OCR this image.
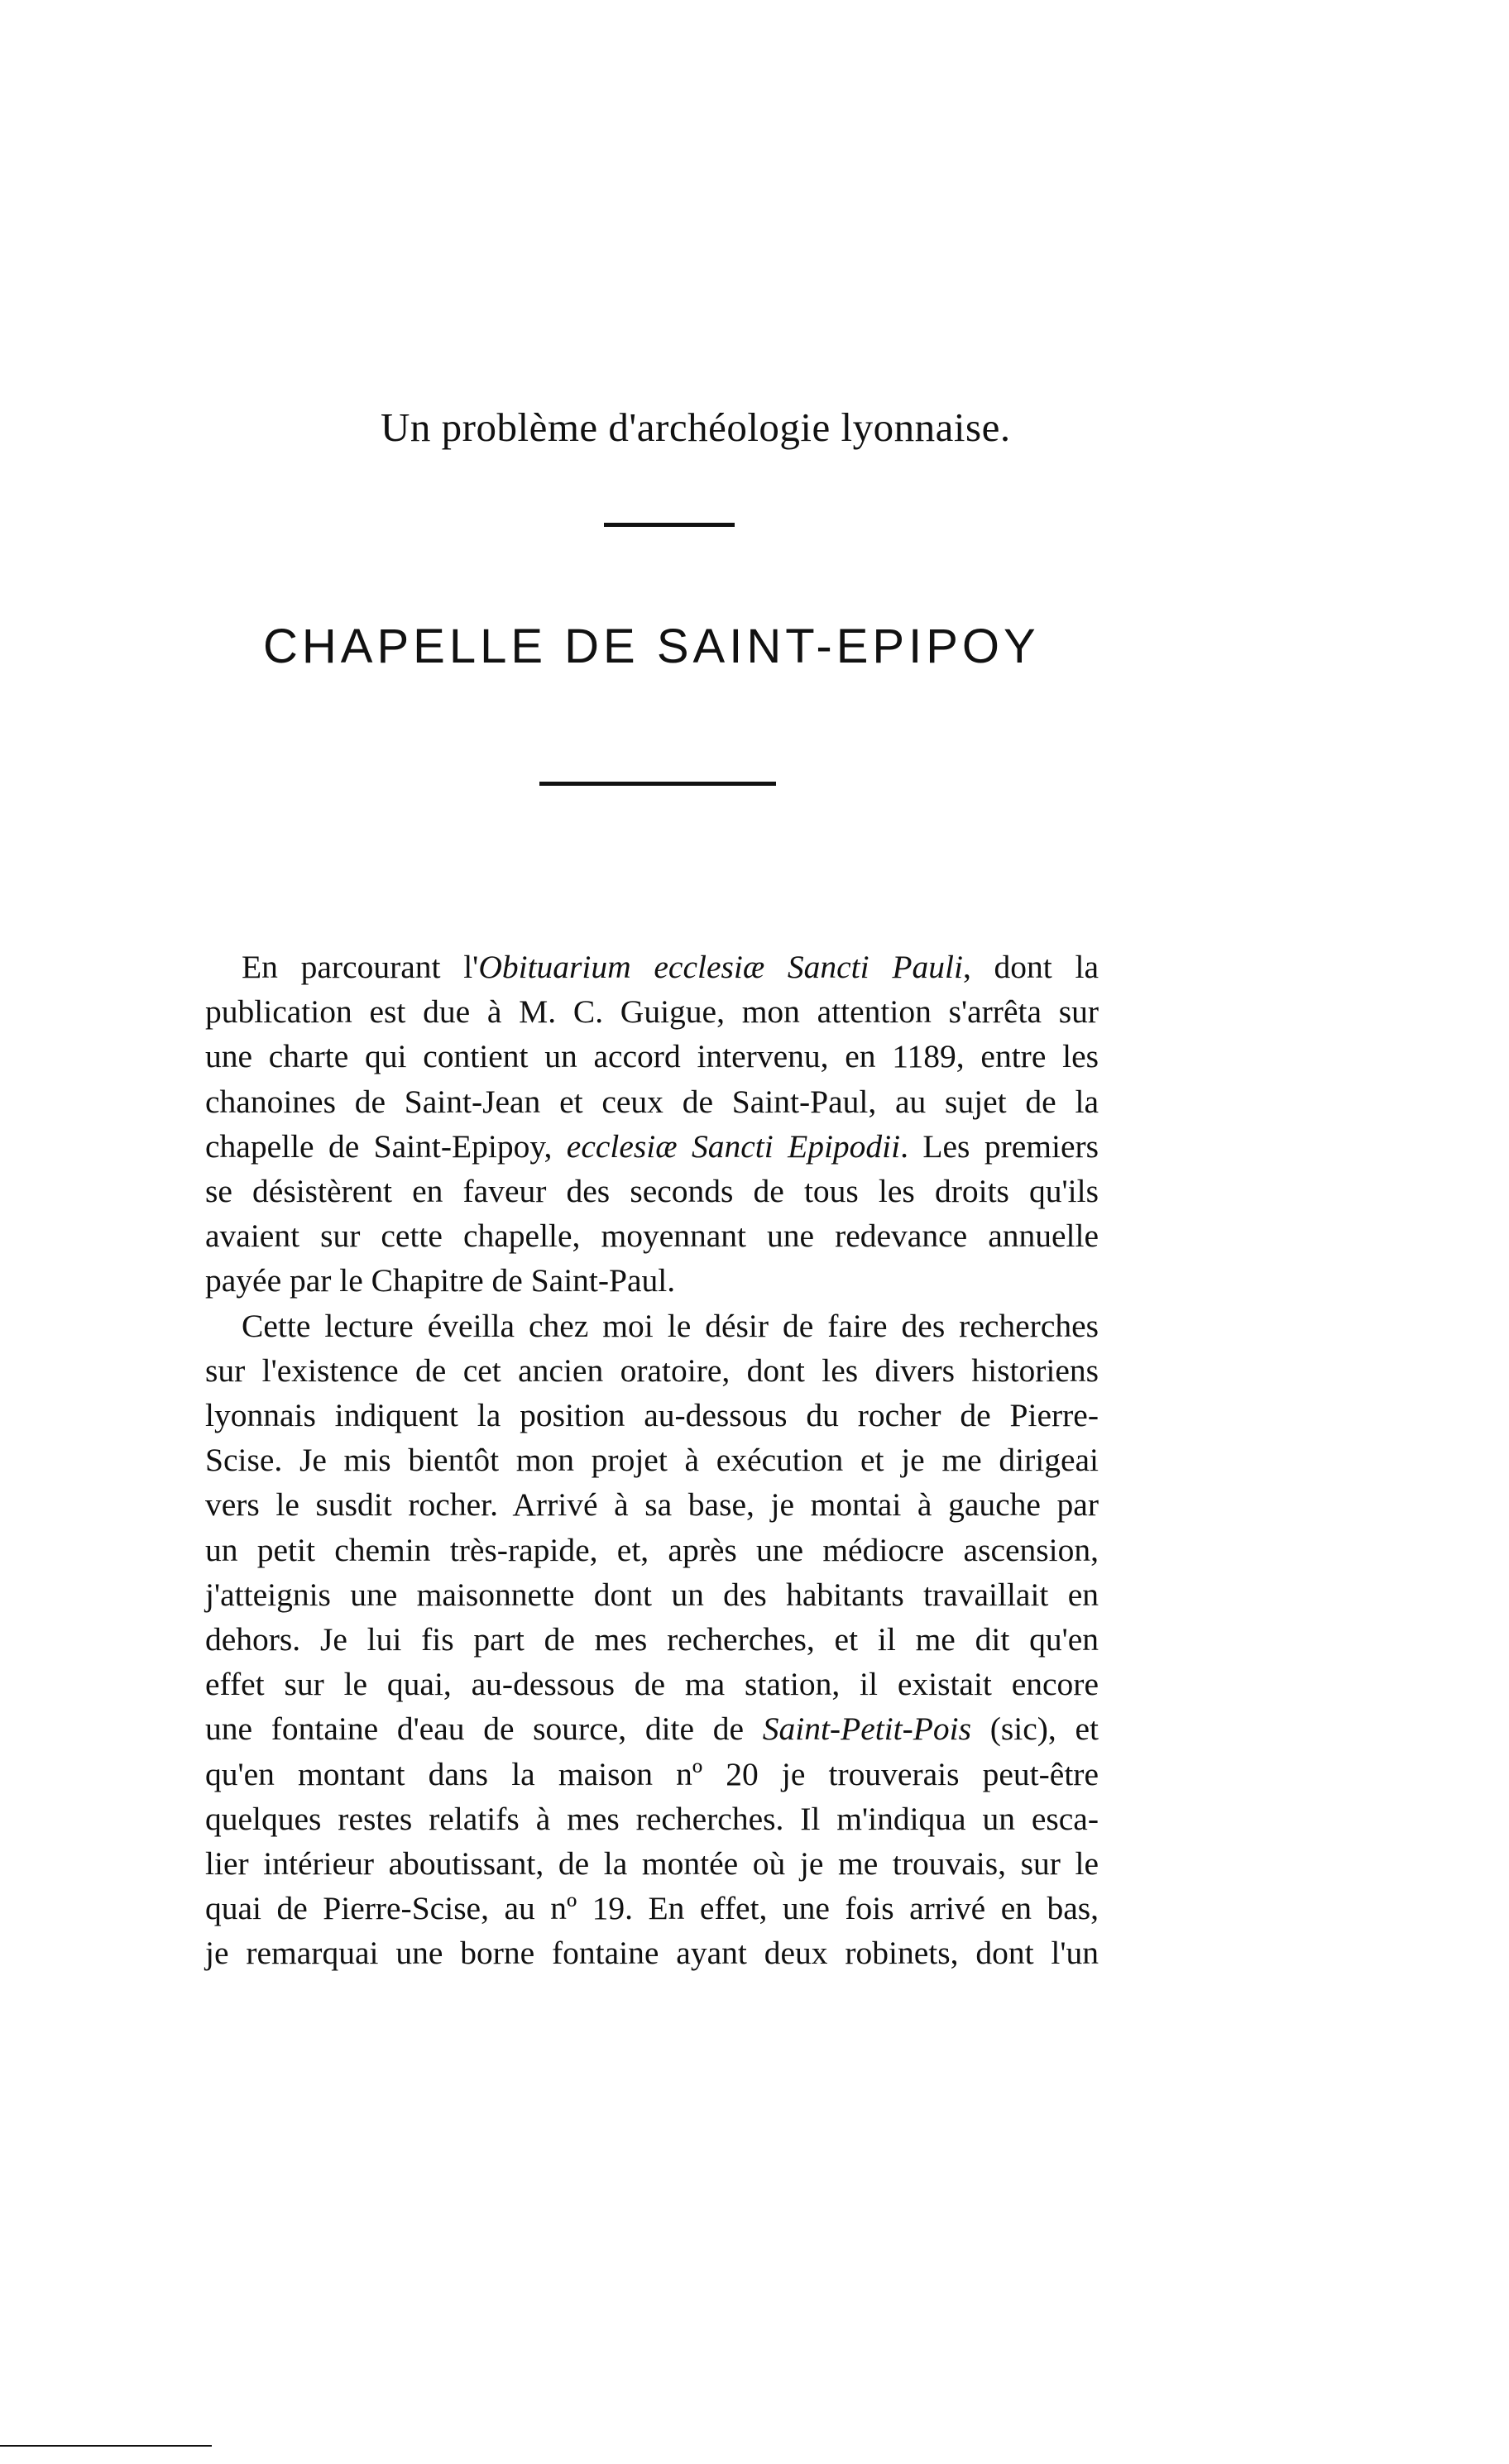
Un problème d'archéologie lyonnaise.
CHAPELLE DE SAINT-EPIPOY
En parcourant l'Obituarium ecclesiæ Sancti Pauli, dont la
publication est due à M. C. Guigue, mon attention s'arrêta sur
une charte qui contient un accord intervenu, en 1189, entre les
chanoines de Saint-Jean et ceux de Saint-Paul, au sujet de la
chapelle de Saint-Epipoy, ecclesiæ Sancti Epipodii. Les premiers
se désistèrent en faveur des seconds de tous les droits qu'ils
avaient sur cette chapelle, moyennant une redevance annuelle
payée par le Chapitre de Saint-Paul.
Cette lecture éveilla chez moi le désir de faire des recherches
sur l'existence de cet ancien oratoire, dont les divers historiens
lyonnais indiquent la position au-dessous du rocher de Pierre-
Scise. Je mis bientôt mon projet à exécution et je me dirigeai
vers le susdit rocher. Arrivé à sa base, je montai à gauche par
un petit chemin très-rapide, et, après une médiocre ascension,
j'atteignis une maisonnette dont un des habitants travaillait en
dehors. Je lui fis part de mes recherches, et il me dit qu'en
effet sur le quai, au-dessous de ma station, il existait encore
une fontaine d'eau de source, dite de Saint-Petit-Pois (sic), et
qu'en montant dans la maison nº 20 je trouverais peut-être
quelques restes relatifs à mes recherches. Il m'indiqua un esca-
lier intérieur aboutissant, de la montée où je me trouvais, sur le
quai de Pierre-Scise, au nº 19. En effet, une fois arrivé en bas,
je remarquai une borne fontaine ayant deux robinets, dont l'un
